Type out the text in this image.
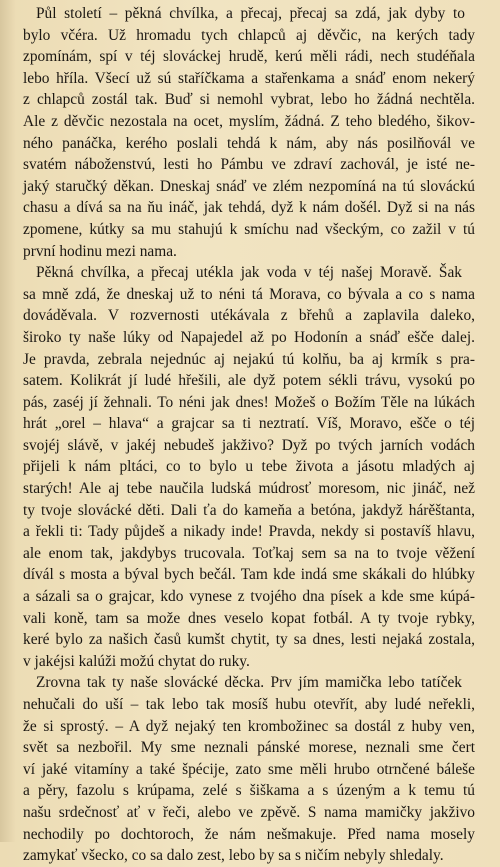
Půl století – pěkná chvílka, a přecaj, přecaj sa zdá, jak dyby to
bylo včéra. Už hromadu tych chlapců aj děvčic, na kerých tady
zpomínám, spí v téj slováckej hrudě, kerú měli rádi, nech studéňala
lebo hříla. Všecí už sú staříčkama a stařenkama a snáď enom nekerý
z chlapců zostál tak. Buď si nemohl vybrat, lebo ho žádná nechtěla.
Ale z děvčic nezostala na ocet, myslím, žádná. Z teho bledého, šikov-
ného panáčka, kerého poslali tehdá k nám, aby nás posilňovál ve
svatém náboženstvú, lesti ho Pámbu ve zdraví zachovál, je isté ne-
jaký staručký děkan. Dneskaj snáď ve zlém nezpomíná na tú slováckú
chasu a dívá sa na ňu ináč, jak tehdá, dyž k nám došél. Dyž si na nás
zpomene, kútky sa mu stahujú k smíchu nad všeckým, co zažil v tú
první hodinu mezi nama.
Pěkná chvílka, a přecaj utékla jak voda v téj našej Moravě. Šak
sa mně zdá, že dneskaj už to néni tá Morava, co bývala a co s nama
dováděvala. V rozvernosti utékávala z břehů a zaplavila daleko,
široko ty naše lúky od Napajedel až po Hodonín a snáď ešče dalej.
Je pravda, zebrala nejednúc aj nejakú tú kolňu, ba aj krmík s pra-
satem. Kolikrát jí ludé hřešili, ale dyž potem sékli trávu, vysokú po
pás, zaséj jí žehnali. To néni jak dnes! Možeš o Božím Těle na lúkách
hrát „orel – hlava“ a grajcar sa ti neztratí. Víš, Moravo, ešče o téj
svojéj slávě, v jakéj nebudeš jakživo? Dyž po tvých jarních vodách
přijeli k nám pltáci, co to bylo u tebe života a jásotu mladých aj
starých! Ale aj tebe naučila ludská múdrosť moresom, nic jináč, než
ty tvoje slovácké děti. Dali ťa do kameňa a betóna, jakdyž hárěštanta,
a řekli ti: Tady půjdeš a nikady inde! Pravda, nekdy si postavíš hlavu,
ale enom tak, jakdybys trucovala. Toťkaj sem sa na to tvoje věžení
dívál s mosta a býval bych bečál. Tam kde indá sme skákali do hlúbky
a sázali sa o grajcar, kdo vynese z tvojého dna písek a kde sme kúpá-
vali koně, tam sa može dnes veselo kopat fotbál. A ty tvoje rybky,
keré bylo za našich časů kumšt chytit, ty sa dnes, lesti nejaká zostala,
v jakéjsi kalúži možú chytat do ruky.
Zrovna tak ty naše slovácké děcka. Prv jím mamička lebo tatíček
nehučali do uší – tak lebo tak mosíš hubu otevřít, aby ludé neřekli,
že si sprostý. – A dyž nejaký ten krombožinec sa dostál z huby ven,
svět sa nezbořil. My sme neznali pánské morese, neznali sme čert
ví jaké vitamíny a také špécije, zato sme měli hrubo otrnčené báleše
a pěry, fazolu s krúpama, zelé s šiškama a s úzeným a k temu tú
našu srdečnosť ať v řeči, alebo ve zpěvě. S nama mamičky jakživo
nechodily po dochtoroch, že nám nešmakuje. Před nama mosely
zamykať všecko, co sa dalo zest, lebo by sa s ničím nebyly shledaly.
